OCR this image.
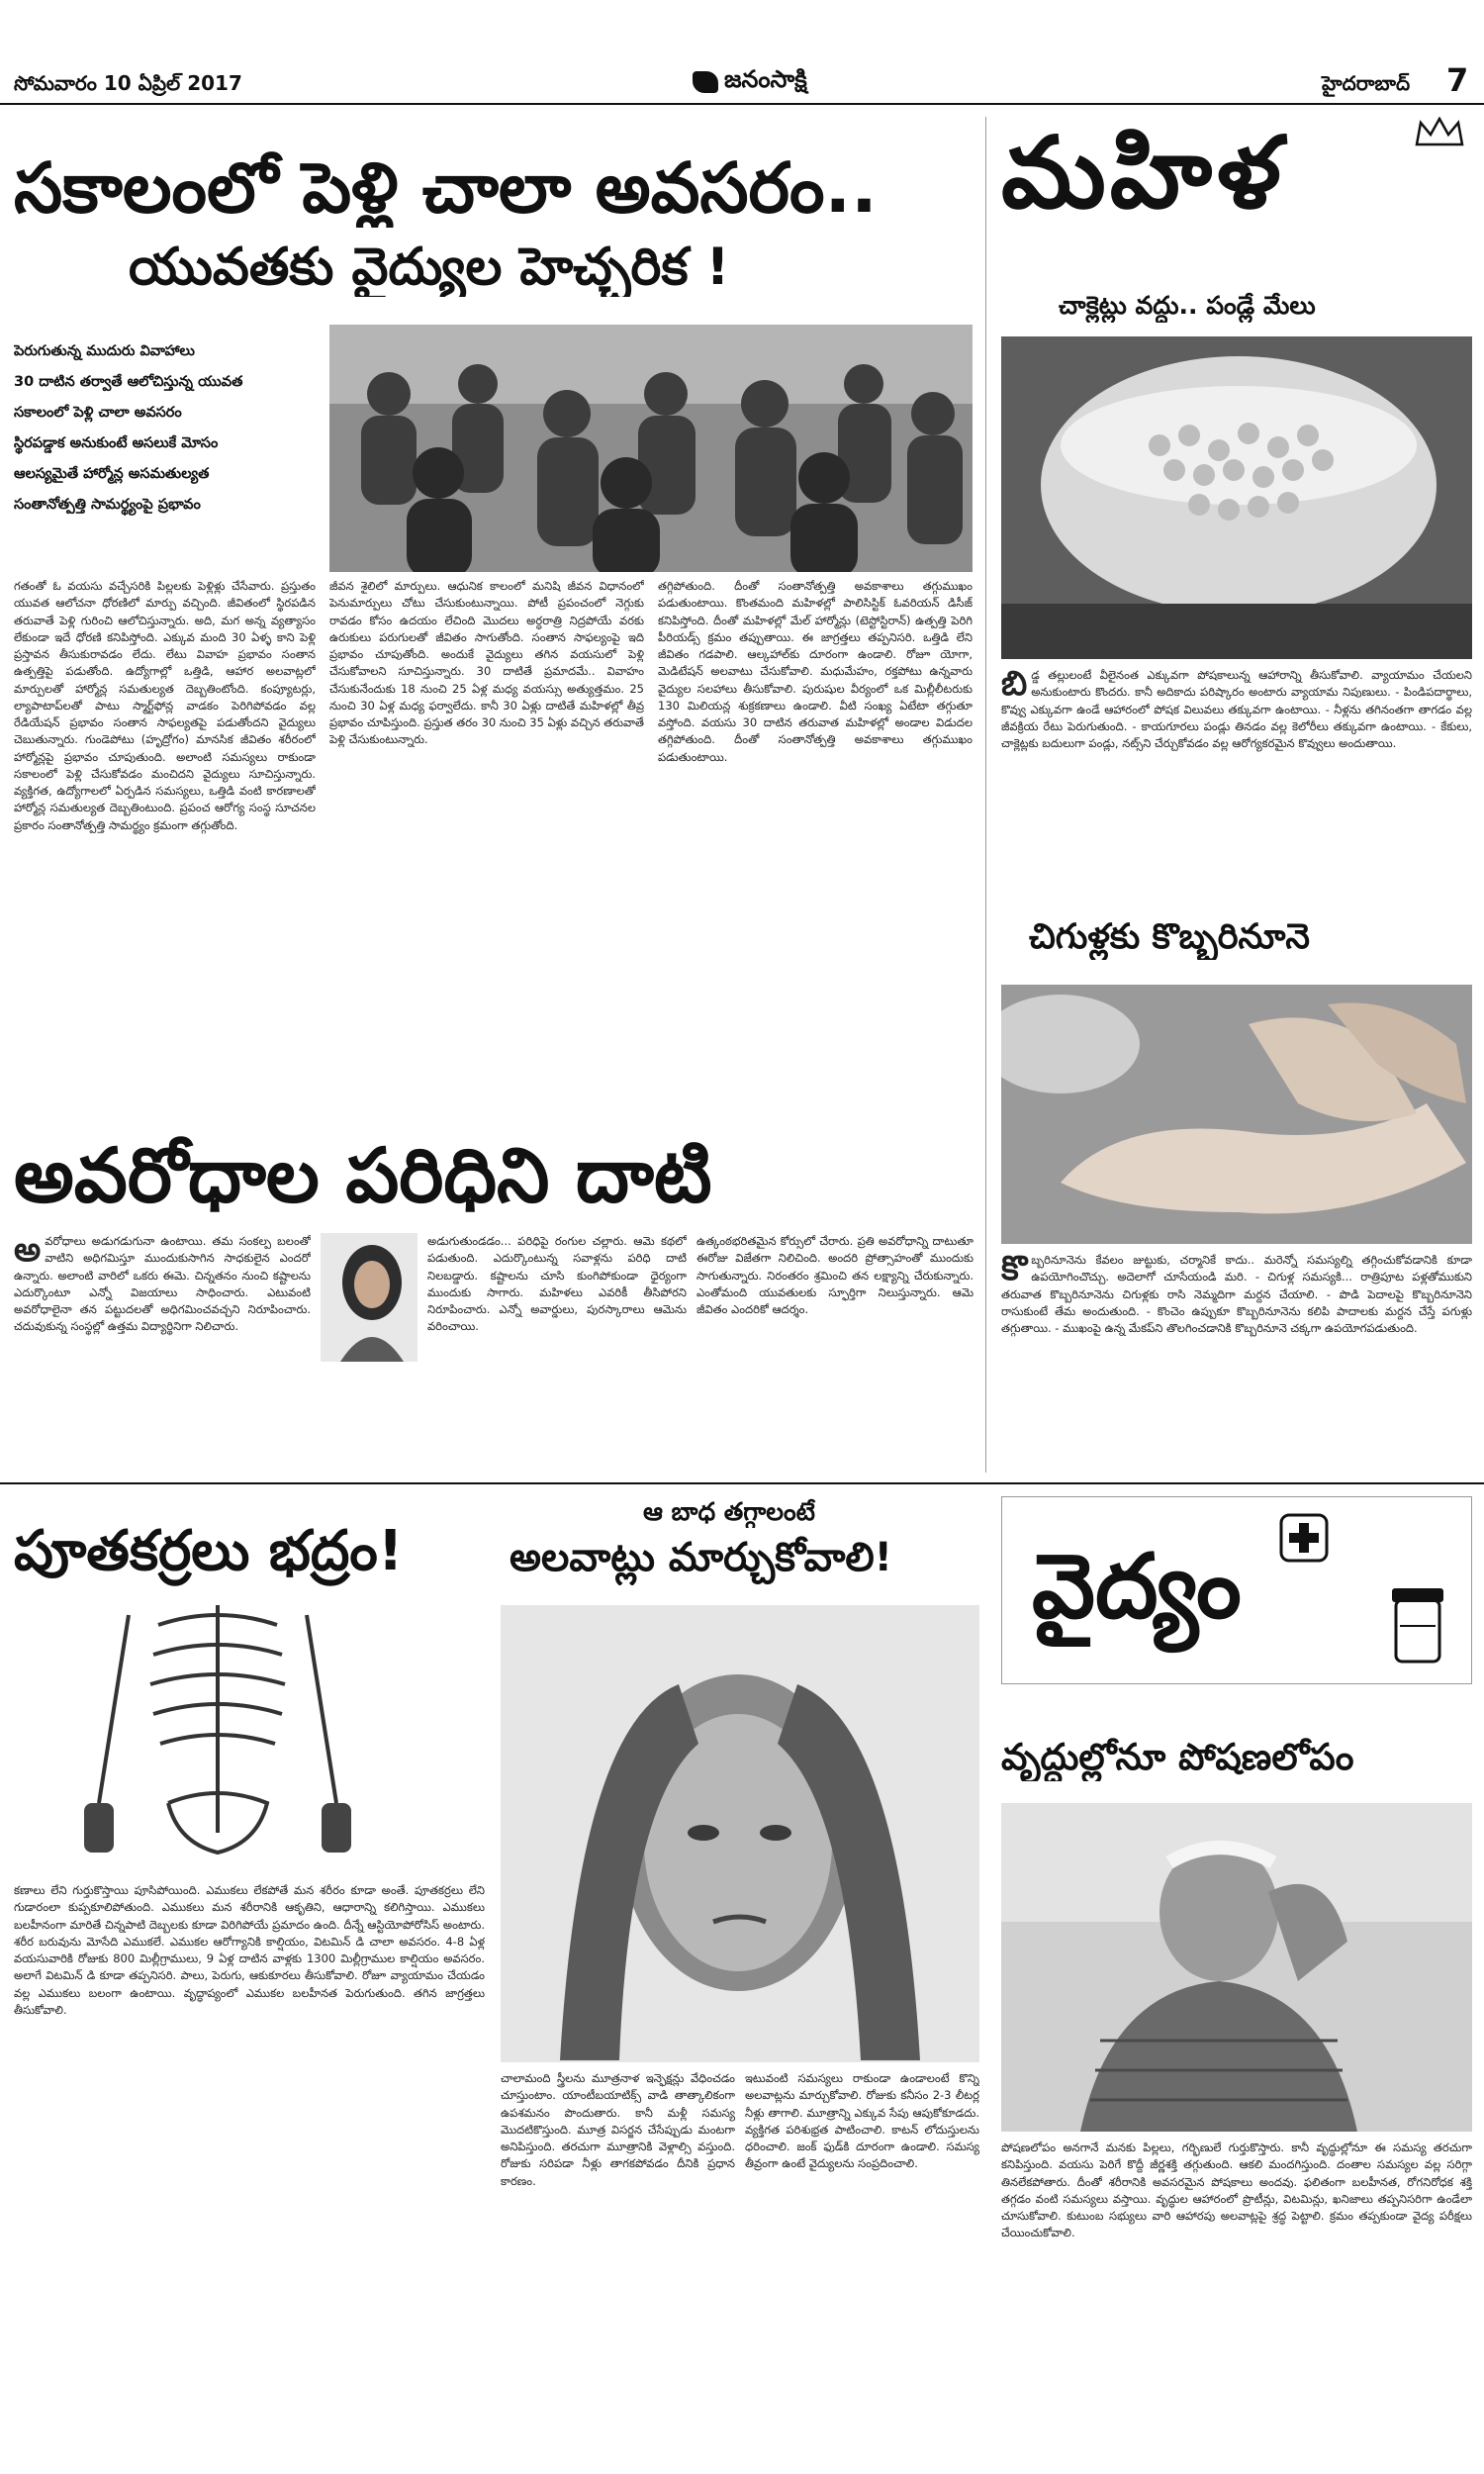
సోమవారం 10 ఏప్రిల్ 2017	జనంసాక్షి	హైదరాబాద్ 7
సకాలంలో పెళ్లి చాలా అవసరం..
యువతకు వైద్యుల హెచ్చరిక !
పెరుగుతున్న ముదురు వివాహాలు
30 దాటిన తర్వాతే ఆలోచిస్తున్న యువత
సకాలంలో పెళ్లి చాలా అవసరం
స్థిరపడ్డాక అనుకుంటే అసలుకే మోసం
ఆలస్యమైతే హార్మోన్ల అసమతుల్యత
సంతానోత్పత్తి సామర్థ్యంపై ప్రభావం
గతంతో ఓ వయసు వచ్చేసరికి పిల్లలకు పెళ్లిళ్లు చేసేవారు. ప్రస్తుతం యువత ఆలోచనా ధోరణిలో మార్పు వచ్చింది. జీవితంలో స్థిరపడిన తరువాతే పెళ్లి గురించి ఆలోచిస్తున్నారు. అది, మగ అన్న వ్యత్యాసం లేకుండా ఇదే ధోరణి కనిపిస్తోంది. ఎక్కువ మంది 30 ఏళ్ళ కాని పెళ్లి ప్రస్తావన తీసుకురావడం లేదు. లేటు వివాహ ప్రభావం సంతాన ఉత్పత్తిపై పడుతోంది. ఉద్యోగాల్లో ఒత్తిడి, ఆహార అలవాట్లలో మార్పులతో హార్మోన్ల సమతుల్యత దెబ్బతింటోంది. కంప్యూటర్లు, ల్యాపాటాప్‌లతో పాటు స్మార్ట్‌ఫోన్ల వాడకం పెరిగిపోవడం వల్ల రేడియేషన్ ప్రభావం సంతాన సాఫల్యతపై పడుతోందని వైద్యులు చెబుతున్నారు. గుండెపోటు (హృద్రోగం) మానసిక జీవితం శరీరంలో హార్మోన్లపై ప్రభావం చూపుతుంది. అలాంటి సమస్యలు రాకుండా సకాలంలో పెళ్లి చేసుకోవడం మంచిదని వైద్యులు సూచిస్తున్నారు. వ్యక్తిగత, ఉద్యోగాలలో ఏర్పడిన సమస్యలు, ఒత్తిడి వంటి కారణాలతో హార్మోన్ల సమతుల్యత దెబ్బతింటుంది. ప్రపంచ ఆరోగ్య సంస్థ సూచనల ప్రకారం సంతానోత్పత్తి సామర్థ్యం క్రమంగా తగ్గుతోంది.
జీవన శైలిలో మార్పులు. ఆధునిక కాలంలో మనిషి జీవన విధానంలో పెనుమార్పులు చోటు చేసుకుంటున్నాయి. పోటీ ప్రపంచంలో నెగ్గుకు రావడం కోసం ఉదయం లేచింది మొదలు అర్ధరాత్రి నిద్రపోయే వరకు ఉరుకులు పరుగులతో జీవితం సాగుతోంది. సంతాన సాఫల్యంపై ఇది ప్రభావం చూపుతోంది. అందుకే వైద్యులు తగిన వయసులో పెళ్లి చేసుకోవాలని సూచిస్తున్నారు. 30 దాటితే ప్రమాదమే.. వివాహం చేసుకునేందుకు 18 నుంచి 25 ఏళ్ల మధ్య వయస్సు అత్యుత్తమం. 25 నుంచి 30 ఏళ్ల మధ్య ఫర్వాలేదు. కానీ 30 ఏళ్లు దాటితే మహిళల్లో తీవ్ర ప్రభావం చూపిస్తుంది. ప్రస్తుత తరం 30 నుంచి 35 ఏళ్లు వచ్చిన తరువాతే పెళ్లి చేసుకుంటున్నారు.
తగ్గిపోతుంది. దీంతో సంతానోత్పత్తి అవకాశాలు తగ్గుముఖం పడుతుంటాయి. కొంతమంది మహిళల్లో పాలిసిస్టిక్ ఓవరియన్ డిసీజ్ కనిపిస్తోంది. దీంతో మహిళల్లో మేల్ హార్మోన్లు (టెస్టోస్టిరాన్) ఉత్పత్తి పెరిగి పీరియడ్స్ క్రమం తప్పుతాయి. ఈ జాగ్రత్తలు తప్పనిసరి. ఒత్తిడి లేని జీవితం గడపాలి. ఆల్కహాల్‌కు దూరంగా ఉండాలి. రోజూ యోగా, మెడిటేషన్ అలవాటు చేసుకోవాలి. మధుమేహం, రక్తపోటు ఉన్నవారు వైద్యుల సలహాలు తీసుకోవాలి. పురుషుల వీర్యంలో ఒక మిల్లీలీటరుకు 130 మిలియన్ల శుక్రకణాలు ఉండాలి. వీటి సంఖ్య ఏటేటా తగ్గుతూ వస్తోంది. వయసు 30 దాటిన తరువాత మహిళల్లో అండాల విడుదల తగ్గిపోతుంది. దీంతో సంతానోత్పత్తి అవకాశాలు తగ్గుముఖం పడుతుంటాయి.
అవరోధాల పరిధిని దాటి
అ వరోధాలు అడుగడుగునా ఉంటాయి. తమ సంకల్ప బలంతో వాటిని అధిగమిస్తూ ముందుకుసాగిన సాధకులైన ఎందరో ఉన్నారు. అలాంటి వారిలో ఒకరు ఈమె. చిన్నతనం నుంచి కష్టాలను ఎదుర్కొంటూ ఎన్నో విజయాలు సాధించారు. ఎటువంటి అవరోధాలైనా తన పట్టుదలతో అధిగమించవచ్చని నిరూపించారు. చదువుకున్న సంస్థల్లో ఉత్తమ విద్యార్థినిగా నిలిచారు.
అడుగుతుండడం... పరిధిపై రంగుల చల్లారు. ఆమె కథలో పడుతుంది. ఎదుర్కొంటున్న సవాళ్లను పరిధి దాటి నిలబడ్డారు. కష్టాలను చూసి కుంగిపోకుండా ధైర్యంగా ముందుకు సాగారు. మహిళలు ఎవరికీ తీసిపోరని నిరూపించారు. ఎన్నో అవార్డులు, పురస్కారాలు ఆమెను వరించాయి.
ఉత్కంఠభరితమైన కోర్సులో చేరారు. ప్రతి అవరోధాన్ని దాటుతూ ఈరోజు విజేతగా నిలిచింది. అందరి ప్రోత్సాహంతో ముందుకు సాగుతున్నారు. నిరంతరం శ్రమించి తన లక్ష్యాన్ని చేరుకున్నారు. ఎంతోమంది యువతులకు స్ఫూర్తిగా నిలుస్తున్నారు. ఆమె జీవితం ఎందరికో ఆదర్శం.
మహిళ
చాక్లెట్లు వద్దు.. పండ్లే మేలు
బి డ్డ తల్లులంటే వీలైనంత ఎక్కువగా పోషకాలున్న ఆహారాన్ని తీసుకోవాలి. వ్యాయామం చేయలని అనుకుంటారు కొందరు. కానీ అదికాదు పరిష్కారం అంటారు వ్యాయామ నిపుణులు. - పిండిపదార్థాలు, కొవ్వు ఎక్కువగా ఉండే ఆహారంలో పోషక విలువలు తక్కువగా ఉంటాయి. - నీళ్లను తగినంతగా తాగడం వల్ల జీవక్రియ రేటు పెరుగుతుంది. - కాయగూరలు పండ్లు తినడం వల్ల కెలోరీలు తక్కువగా ఉంటాయి. - కేకులు, చాక్లెట్లకు బదులుగా పండ్లు, నట్స్‌ని చేర్చుకోవడం వల్ల ఆరోగ్యకరమైన కొవ్వులు అందుతాయి.
చిగుళ్లకు కొబ్బరినూనె
కొ బ్బరినూనెను కేవలం జుట్టుకు, చర్మానికే కాదు.. మరెన్నో సమస్యల్ని తగ్గించుకోవడానికి కూడా ఉపయోగించొచ్చు. అదెలాగో చూసేయండి మరి. - చిగుళ్ల సమస్యకి... రాత్రిపూట పళ్లతోముకుని తరువాత కొబ్బరినూనెను చిగుళ్లకు రాసి నెమ్మదిగా మర్దన చేయాలి. - పొడి పెదాలపై కొబ్బరినూనెని రాసుకుంటే తేమ అందుతుంది. - కొంచెం ఉప్పుకూ కొబ్బరినూనెను కలిపి పాదాలకు మర్దన చేస్తే పగుళ్లు తగ్గుతాయి. - ముఖంపై ఉన్న మేకప్‌ని తొలగించడానికి కొబ్బరినూనె చక్కగా ఉపయోగపడుతుంది.
పూతకర్రలు భద్రం!
కణాలు లేని గుర్తుకొస్తాయి పూసిపోయింది. ఎముకలు లేకపోతే మన శరీరం కూడా అంతే. పూతకర్రలు లేని గుడారంలా కుప్పకూలిపోతుంది. ఎముకలు మన శరీరానికి ఆకృతిని, ఆధారాన్ని కలిగిస్తాయి. ఎముకలు బలహీనంగా మారితే చిన్నపాటి దెబ్బలకు కూడా విరిగిపోయే ప్రమాదం ఉంది. దీన్నే ఆస్టియోపోరోసిస్ అంటారు. శరీర బరువును మోసేది ఎముకలే. ఎముకల ఆరోగ్యానికి కాల్షియం, విటమిన్ డి చాలా అవసరం. 4-8 ఏళ్ల వయసువారికి రోజుకు 800 మిల్లీగ్రాములు, 9 ఏళ్ల దాటిన వాళ్లకు 1300 మిల్లీగ్రాముల కాల్షియం అవసరం. అలాగే విటమిన్ డి కూడా తప్పనిసరి. పాలు, పెరుగు, ఆకుకూరలు తీసుకోవాలి. రోజూ వ్యాయామం చేయడం వల్ల ఎముకలు బలంగా ఉంటాయి. వృద్ధాప్యంలో ఎముకల బలహీనత పెరుగుతుంది. తగిన జాగ్రత్తలు తీసుకోవాలి.
ఆ బాధ తగ్గాలంటే
అలవాట్లు మార్చుకోవాలి!
చాలామంది స్త్రీలను మూత్రనాళ ఇన్ఫెక్షన్లు వేధించడం చూస్తుంటాం. యాంటీబయాటిక్స్ వాడి తాత్కాలికంగా ఉపశమనం పొందుతారు. కానీ మళ్లీ సమస్య మొదటికొస్తుంది. మూత్ర విసర్జన చేసేప్పుడు మంటగా అనిపిస్తుంది. తరచుగా మూత్రానికి వెళ్లాల్సి వస్తుంది. రోజుకు సరిపడా నీళ్లు తాగకపోవడం దీనికి ప్రధాన కారణం.
ఇటువంటి సమస్యలు రాకుండా ఉండాలంటే కొన్ని అలవాట్లను మార్చుకోవాలి. రోజుకు కనీసం 2-3 లీటర్ల నీళ్లు తాగాలి. మూత్రాన్ని ఎక్కువ సేపు ఆపుకోకూడదు. వ్యక్తిగత పరిశుభ్రత పాటించాలి. కాటన్ లోదుస్తులను ధరించాలి. జంక్ ఫుడ్‌కి దూరంగా ఉండాలి. సమస్య తీవ్రంగా ఉంటే వైద్యులను సంప్రదించాలి.
వైద్యం
వృద్ధుల్లోనూ పోషణలోపం
పోషణలోపం అనగానే మనకు పిల్లలు, గర్భిణులే గుర్తుకొస్తారు. కానీ వృద్ధుల్లోనూ ఈ సమస్య తరచుగా కనిపిస్తుంది. వయసు పెరిగే కొద్దీ జీర్ణశక్తి తగ్గుతుంది. ఆకలి మందగిస్తుంది. దంతాల సమస్యల వల్ల సరిగ్గా తినలేకపోతారు. దీంతో శరీరానికి అవసరమైన పోషకాలు అందవు. ఫలితంగా బలహీనత, రోగనిరోధక శక్తి తగ్గడం వంటి సమస్యలు వస్తాయి. వృద్ధుల ఆహారంలో ప్రొటీన్లు, విటమిన్లు, ఖనిజాలు తప్పనిసరిగా ఉండేలా చూసుకోవాలి. కుటుంబ సభ్యులు వారి ఆహారపు అలవాట్లపై శ్రద్ధ పెట్టాలి. క్రమం తప్పకుండా వైద్య పరీక్షలు చేయించుకోవాలి.
